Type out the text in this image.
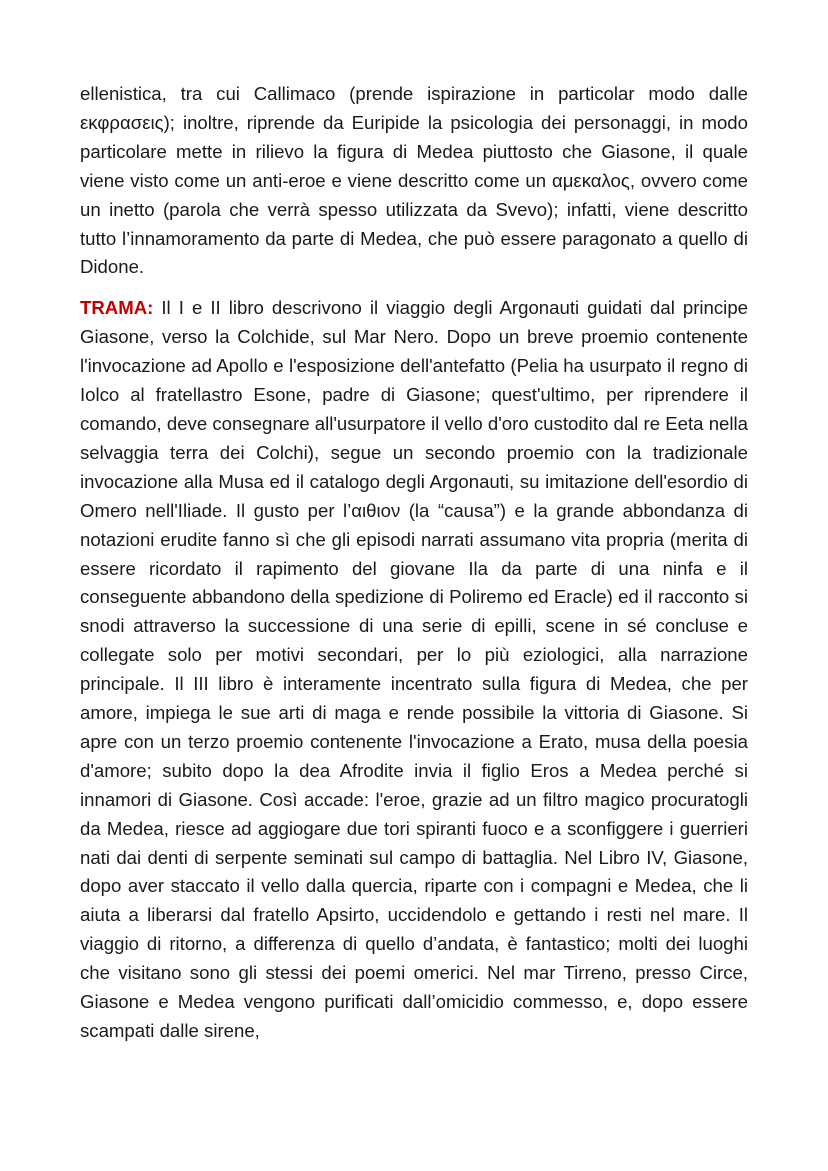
ellenistica, tra cui Callimaco (prende ispirazione in particolar modo dalle εκφρασεις); inoltre, riprende da Euripide la psicologia dei personaggi, in modo particolare mette in rilievo la figura di Medea piuttosto che Giasone, il quale viene visto come un anti-eroe e viene descritto come un αμεκαλος, ovvero come un inetto (parola che verrà spesso utilizzata da Svevo); infatti, viene descritto tutto l’innamoramento da parte di Medea, che può essere paragonato a quello di Didone.

TRAMA: Il I e II libro descrivono il viaggio degli Argonauti guidati dal principe Giasone, verso la Colchide, sul Mar Nero. Dopo un breve proemio contenente l'invocazione ad Apollo e l'esposizione dell'antefatto (Pelia ha usurpato il regno di Iolco al fratellastro Esone, padre di Giasone; quest'ultimo, per riprendere il comando, deve consegnare all'usurpatore il vello d'oro custodito dal re Eeta nella selvaggia terra dei Colchi), segue un secondo proemio con la tradizionale invocazione alla Musa ed il catalogo degli Argonauti, su imitazione dell'esordio di Omero nell'Iliade. Il gusto per l’αιθιον (la “causa”) e la grande abbondanza di notazioni erudite fanno sì che gli episodi narrati assumano vita propria (merita di essere ricordato il rapimento del giovane Ila da parte di una ninfa e il conseguente abbandono della spedizione di Poliremo ed Eracle) ed il racconto si snodi attraverso la successione di una serie di epilli, scene in sé concluse e collegate solo per motivi secondari, per lo più eziologici, alla narrazione principale. Il III libro è interamente incentrato sulla figura di Medea, che per amore, impiega le sue arti di maga e rende possibile la vittoria di Giasone. Si apre con un terzo proemio contenente l'invocazione a Erato, musa della poesia d'amore; subito dopo la dea Afrodite invia il figlio Eros a Medea perché si innamori di Giasone. Così accade: l'eroe, grazie ad un filtro magico procuratogli da Medea, riesce ad aggiogare due tori spiranti fuoco e a sconfiggere i guerrieri nati dai denti di serpente seminati sul campo di battaglia. Nel Libro IV, Giasone, dopo aver staccato il vello dalla quercia, riparte con i compagni e Medea, che li aiuta a liberarsi dal fratello Apsirto, uccidendolo e gettando i resti nel mare. Il viaggio di ritorno, a differenza di quello d’andata, è fantastico; molti dei luoghi che visitano sono gli stessi dei poemi omerici. Nel mar Tirreno, presso Circe, Giasone e Medea vengono purificati dall’omicidio commesso, e, dopo essere scampati dalle sirene,
